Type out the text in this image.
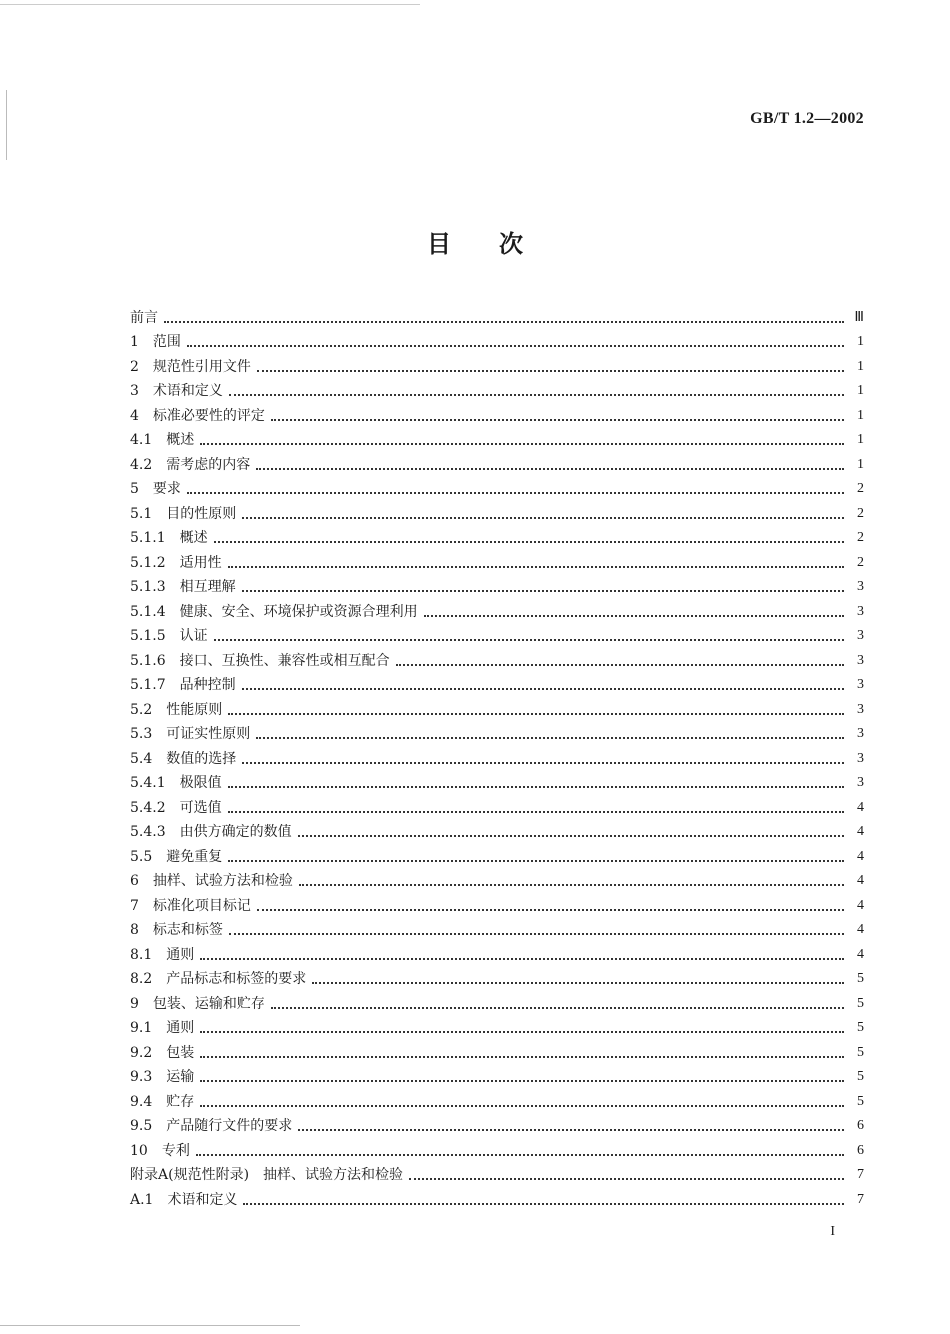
GB/T 1.2—2002
目次
前言	Ⅲ
1　范围	1
2　规范性引用文件	1
3　术语和定义	1
4　标准必要性的评定	1
4.1　概述	1
4.2　需考虑的内容	1
5　要求	2
5.1　目的性原则	2
5.1.1　概述	2
5.1.2　适用性	2
5.1.3　相互理解	3
5.1.4　健康、安全、环境保护或资源合理利用	3
5.1.5　认证	3
5.1.6　接口、互换性、兼容性或相互配合	3
5.1.7　品种控制	3
5.2　性能原则	3
5.3　可证实性原则	3
5.4　数值的选择	3
5.4.1　极限值	3
5.4.2　可选值	4
5.4.3　由供方确定的数值	4
5.5　避免重复	4
6　抽样、试验方法和检验	4
7　标准化项目标记	4
8　标志和标签	4
8.1　通则	4
8.2　产品标志和标签的要求	5
9　包装、运输和贮存	5
9.1　通则	5
9.2　包装	5
9.3　运输	5
9.4　贮存	5
9.5　产品随行文件的要求	6
10　专利	6
附录A(规范性附录)　抽样、试验方法和检验	7
A.1　术语和定义	7
I
